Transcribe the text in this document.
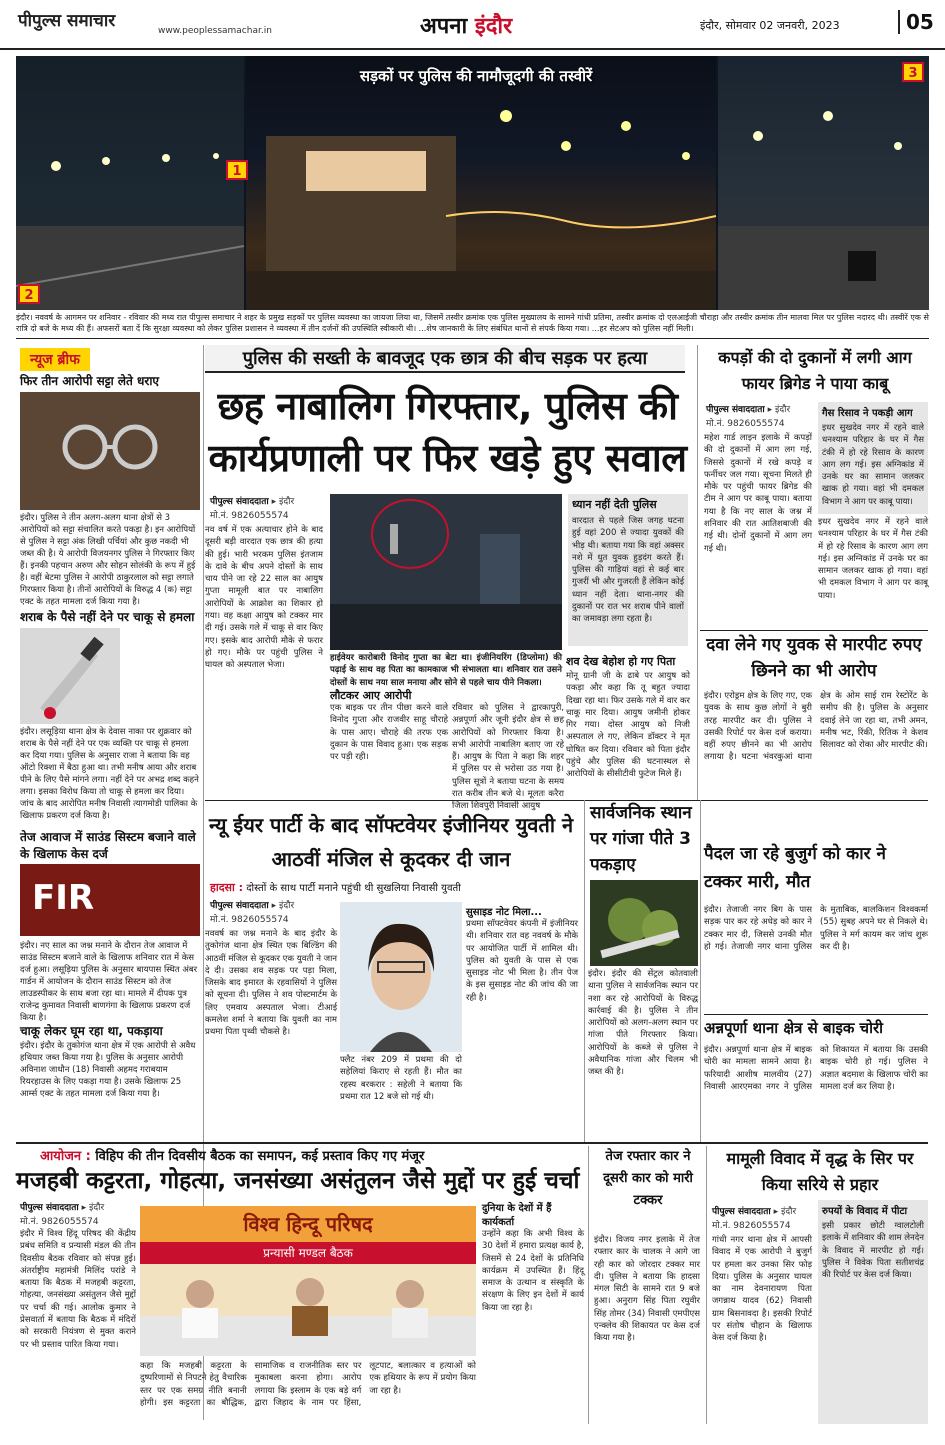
पीपुल्स समाचार	www.peoplessamachar.in	अपना इंदौर	इंदौर, सोमवार 02 जनवरी, 2023	05
सड़कों पर पुलिस की नामौजूदगी की तस्वीरें
1
2
3
इंदौर। नववर्ष के आगमन पर शनिवार - रविवार की मध्य रात पीपुल्स समाचार ने शहर के प्रमुख सड़कों पर पुलिस व्यवस्था का जायजा लिया था, जिसमें तस्वीर क्रमांक एक पुलिस मुख्यालय के सामने गांधी प्रतिमा, तस्वीर क्रमांक दो एलआईजी चौराहा और तस्वीर क्रमांक तीन मालवा मिल पर पुलिस नदारद थी। तस्वीरें एक से रात्रि दो बजे के मध्य की हैं। अफसरों बता दें कि सुरक्षा व्यवस्था को लेकर पुलिस प्रशासन ने व्यवस्था में तीन दर्जनों की उपस्थिति स्वीकारी थी। ...शेष जानकारी के लिए संबंधित थानों से संपर्क किया गया। ...हर सेटअप को पुलिस नहीं मिली।
न्यूज ब्रीफ
फिर तीन आरोपी सट्टा लेते धराए
इंदौर। पुलिस ने तीन अलग-अलग थाना क्षेत्रों से 3 आरोपियों को सट्टा संचालित करते पकड़ा है। इन आरोपियों से पुलिस ने सट्टा अंक लिखी पर्चियां और कुछ नकदी भी जब्त की है। ये आरोपी विजयनगर पुलिस ने गिरफ्तार किए हैं। इनकी पहचान अरुण और सोहन सोलंकी के रूप में हुई है। वहीं बेटमा पुलिस ने आरोपी ठाकुरलाल को सट्टा लगाते गिरफ्तार किया है। तीनों आरोपियों के विरुद्ध 4 (क) सट्टा एक्ट के तहत मामला दर्ज किया गया है।
शराब के पैसे नहीं देने पर चाकू से हमला
इंदौर। लसूड़िया थाना क्षेत्र के देवास नाका पर शुक्रवार को शराब के पैसे नहीं देने पर एक व्यक्ति पर चाकू से हमला कर दिया गया। पुलिस के अनुसार राजा ने बताया कि वह ऑटो रिक्शा में बैठा हुआ था। तभी मनीष आया और शराब पीने के लिए पैसे मांगने लगा। नहीं देने पर अभद्र शब्द कहने लगा। इसका विरोध किया तो चाकू से हमला कर दिया। जांच के बाद आरोपित मनीष निवासी त्यागमोडी पालिका के खिलाफ प्रकरण दर्ज किया है।
तेज आवाज में साउंड सिस्टम बजाने वाले के खिलाफ केस दर्ज
FIR
इंदौर। नए साल का जश्न मनाने के दौरान तेज आवाज में साउंड सिस्टम बजाने वाले के खिलाफ शनिवार रात में केस दर्ज हुआ। लसूड़िया पुलिस के अनुसार बायपास स्थित अंबर गार्डन में आयोजन के दौरान साउंड सिस्टम को तेज लाउडस्पीकर के साथ बजा रहा था। मामले में दीपक पुत्र राजेन्द्र कुमावत निवासी बाणगंगा के खिलाफ प्रकरण दर्ज किया है।
चाकू लेकर घूम रहा था, पकड़ाया
इंदौर। इंदौर के तुकोगंज थाना क्षेत्र में एक आरोपी से अवैध हथियार जब्त किया गया है। पुलिस के अनुसार आरोपी अविनाश जाधौन (18) निवासी अहमद गराबयाम रियरहाउस के लिए पकड़ा गया है। उसके खिलाफ 25 आर्म्स एक्ट के तहत मामला दर्ज किया गया है।
पुलिस की सख्ती के बावजूद एक छात्र की बीच सड़क पर हत्या
छह नाबालिग गिरफ्तार, पुलिस की कार्यप्रणाली पर फिर खड़े हुए सवाल
पीपुल्स संवाददाता ▸ इंदौर
मो.नं. 9826055574
नव वर्ष में एक अत्याचार होने के बाद दूसरी बड़ी वारदात एक छात्र की हत्या की हुई। भारी भरकम पुलिस इंतजाम के दावे के बीच अपने दोस्तों के साथ चाय पीने जा रहे 22 साल का आयुष गुप्ता मामूली बात पर नाबालिग आरोपियों के आक्रोश का शिकार हो गया। वह कक्षा आयुष को टक्कर मार दी गई। उसके गले में चाकू से वार किए गए। इसके बाद आरोपी मौके से फरार हो गए। मौके पर पहुंची पुलिस ने घायल को अस्पताल भेजा।
हाईवेयर कारोबारी विनोद गुप्ता का बेटा था। इंजीनियरिंग (डिप्लोमा) की पढ़ाई के साथ वह पिता का कामकाज भी संभालता था। शनिवार रात उसने दोस्तों के साथ नया साल मनाया और सोने से पहले चाय पीने निकला।
लौटकर आए आरोपी
एक बाइक पर तीन पीछा करने वाले विनोद गुप्ता और राजवीर साहू चौराहे के पास आए। चौराहे की तरफ एक दुकान के पास विवाद हुआ। एक सड़क पर पड़ी रही।
रविवार को पुलिस ने द्वारकापुरी, अन्नपूर्णा और जूनी इंदौर क्षेत्र से छह आरोपियों को गिरफ्तार किया है। सभी आरोपी नाबालिग बताए जा रहे हैं। आयुष के पिता ने कहा कि शहर में पुलिस पर से भरोसा उठ गया है। पुलिस सूत्रों ने बताया घटना के समय रात करीब तीन बजे थे। मूलतः करैरा जिला शिवपुरी निवासी आयुष
ध्यान नहीं देती पुलिस
वारदात से पहले जिस जगह घटना हुई वहां 200 से ज्यादा युवकों की भीड़ थी। बताया गया कि वहां अक्सर नशे में धुत युवक हुड़दंग करते हैं। पुलिस की गाड़ियां वहां से कई बार गुजरीं भी और गुजरती हैं लेकिन कोई ध्यान नहीं देता। थाना-नगर की दुकानों पर रात भर शराब पीने वालों का जमावड़ा लगा रहता है।
शव देख बेहोश हो गए पिता
मोनू ग्रानी जी के ढाबे पर आयुष को पकड़ा और कहा कि तू बहुत ज्यादा दिखा रहा था। फिर उसके गले में वार कर चाकू मार दिया। आयुष जमीनी होकर गिर गया। दोस्त आयुष को निजी अस्पताल ले गए, लेकिन डॉक्टर ने मृत घोषित कर दिया। रविवार को पिता इंदौर पहुंचे और पुलिस की घटनास्थल से आरोपियों के सीसीटीवी फुटेज मिले हैं।
कपड़ों की दो दुकानों में लगी आग फायर ब्रिगेड ने पाया काबू
पीपुल्स संवाददाता ▸ इंदौर
मो.नं. 9826055574
गैस रिसाव ने पकड़ी आग
इधर सुखदेव नगर में रहने वाले धनश्याम परिहार के घर में गैस टंकी में हो रहे रिसाव के कारण आग लग गई। इस अग्निकांड में उनके घर का सामान जलकर खाक हो गया। वहां भी दमकल विभाग ने आग पर काबू पाया।
महेश गार्ड लाइन इलाके में कपड़ों की दो दुकानों में आग लग गई, जिससे दुकानों में रखे कपड़े व फर्नीचर जल गया। सूचना मिलते ही मौके पर पहुंची फायर ब्रिगेड की टीम ने आग पर काबू पाया। बताया गया है कि नए साल के जश्न में शनिवार की रात आतिशबाजी की गई थी। दोनों दुकानों में आग लग गई थी।
इधर सुखदेव नगर में रहने वाले धनश्याम परिहार के घर में गैस टंकी में हो रहे रिसाव के कारण आग लग गई। इस अग्निकांड में उनके घर का सामान जलकर खाक हो गया। वहां भी दमकल विभाग ने आग पर काबू पाया।
दवा लेने गए युवक से मारपीट रुपए छिनने का भी आरोप
इंदौर। एरोड्रम क्षेत्र के लिए गए, एक युवक के साथ कुछ लोगों ने बुरी तरह मारपीट कर दी। पुलिस ने उसकी रिपोर्ट पर केस दर्ज कराया। वहीं रुपए छीनने का भी आरोप लगाया है। घटना भंवरकुआं थाना क्षेत्र के ओम साई राम रेस्टोरेंट के समीप की है। पुलिस के अनुसार दवाई लेने जा रहा था, तभी अमन, मनीष भट, रिंकी, रितिक ने केशव सिलावट को रोका और मारपीट की।
न्यू ईयर पार्टी के बाद सॉफ्टवेयर इंजीनियर युवती ने आठवीं मंजिल से कूदकर दी जान
हादसा : दोस्तों के साथ पार्टी मनाने पहुंची थी सुखलिया निवासी युवती
पीपुल्स संवाददाता ▸ इंदौर
मो.नं. 9826055574
नववर्ष का जश्न मनाने के बाद इंदौर के तुकोगंज थाना क्षेत्र स्थित एक बिल्डिंग की आठवीं मंजिल से कूदकर एक युवती ने जान दे दी। उसका शव सड़क पर पड़ा मिला, जिसके बाद इमारत के रहवासियों ने पुलिस को सूचना दी। पुलिस ने शव पोस्टमार्टम के लिए एमवाय अस्पताल भेजा। टीआई कमलेश शर्मा ने बताया कि युवती का नाम प्रथमा पिता पृथ्वी चौकसे है।
फ्लैट नंबर 209 में प्रथमा की दो सहेलियां किराए से रहती हैं। मौत का रहस्य बरकरार : सहेली ने बताया कि प्रथमा रात 12 बजे सो गई थी।
सुसाइड नोट मिला...
प्रथमा सॉफ्टवेयर कंपनी में इंजीनियर थी। शनिवार रात वह नववर्ष के मौके पर आयोजित पार्टी में शामिल थी। पुलिस को युवती के पास से एक सुसाइड नोट भी मिला है। तीन पेज के इस सुसाइड नोट की जांच की जा रही है।
सार्वजनिक स्थान पर गांजा पीते 3 पकड़ाए
इंदौर। इंदौर की सेंट्रल कोतवाली थाना पुलिस ने सार्वजनिक स्थान पर नशा कर रहे आरोपियों के विरुद्ध कार्रवाई की है। पुलिस ने तीन आरोपियों को अलग-अलग स्थान पर गांजा पीते गिरफ्तार किया। आरोपियों के कब्जे से पुलिस ने अवैधानिक गांजा और चिलम भी जब्त की है।
पैदल जा रहे बुजुर्ग को कार ने टक्कर मारी, मौत
इंदौर। तेजाजी नगर बिग के पास सड़क पार कर रहे अधेड़ को कार ने टक्कर मार दी, जिससे उनकी मौत हो गई। तेजाजी नगर थाना पुलिस के मुताबिक, बालकिशन विश्वकर्मा (55) सुबह अपने घर से निकले थे। पुलिस ने मर्ग कायम कर जांच शुरू कर दी है।
अन्नपूर्णा थाना क्षेत्र से बाइक चोरी
इंदौर। अन्नपूर्णा थाना क्षेत्र में बाइक चोरी का मामला सामने आया है। फरियादी आशीष मालवीय (27) निवासी आरएमका नगर ने पुलिस को शिकायत में बताया कि उसकी बाइक चोरी हो गई। पुलिस ने अज्ञात बदमाश के खिलाफ चोरी का मामला दर्ज कर लिया है।
आयोजन : विहिप की तीन दिवसीय बैठक का समापन, कई प्रस्ताव किए गए मंजूर
मजहबी कट्टरता, गोहत्या, जनसंख्या असंतुलन जैसे मुद्दों पर हुई चर्चा
पीपुल्स संवाददाता ▸ इंदौर
मो.नं. 9826055574
इंदौर में विश्व हिंदू परिषद की केंद्रीय प्रबंध समिति व प्रन्यासी मंडल की तीन दिवसीय बैठक रविवार को संपन्न हुई। अंतर्राष्ट्रीय महामंत्री मिलिंद परांडे ने बताया कि बैठक में मजहबी कट्टरता, गोहत्या, जनसंख्या असंतुलन जैसे मुद्दों पर चर्चा की गई। आलोक कुमार ने प्रेसवार्ता में बताया कि बैठक में मंदिरों को सरकारी नियंत्रण से मुक्त कराने पर भी प्रस्ताव पारित किया गया।
विश्व हिन्दू परिषद
प्रन्यासी मण्डल बैठक
कहा कि मजहबी कट्टरता के दुष्परिणामों से निपटने हेतु वैचारिक स्तर पर एक समग्र नीति बनानी होगी। इस कट्टरता का बौद्धिक, सामाजिक व राजनीतिक स्तर पर मुकाबला करना होगा। आरोप लगाया कि इस्लाम के एक बड़े वर्ग द्वारा जिहाद के नाम पर हिंसा, लूटपाट, बलात्कार व हत्याओं को एक हथियार के रूप में प्रयोग किया जा रहा है।
दुनिया के देशों में हैं कार्यकर्ता
उन्होंने कहा कि अभी विश्व के 30 देशों में हमारा प्रत्यक्ष कार्य है, जिसमें से 24 देशों के प्रतिनिधि कार्यक्रम में उपस्थित हैं। हिंदू समाज के उत्थान व संस्कृति के संरक्षण के लिए इन देशों में कार्य किया जा रहा है।
तेज रफ्तार कार ने दूसरी कार को मारी टक्कर
इंदौर। विजय नगर इलाके में तेज रफ्तार कार के चालक ने आगे जा रही कार को जोरदार टक्कर मार दी। पुलिस ने बताया कि हादसा मंगल सिटी के सामने रात 9 बजे हुआ। अनुराग सिंह पिता रघुवीर सिंह तोमर (34) निवासी एमपीएस एन्क्लेव की शिकायत पर केस दर्ज किया गया है।
मामूली विवाद में वृद्ध के सिर पर किया सरिये से प्रहार
पीपुल्स संवाददाता ▸ इंदौर
मो.नं. 9826055574
गांधी नगर थाना क्षेत्र में आपसी विवाद में एक आरोपी ने बुजुर्ग पर हमला कर उनका सिर फोड़ दिया। पुलिस के अनुसार घायल का नाम देवनारायण पिता जगन्नाथ यादव (62) निवासी ग्राम बिसनावदा है। इसकी रिपोर्ट पर संतोष चौहान के खिलाफ केस दर्ज किया है।
रुपयों के विवाद में पीटा
इसी प्रकार छोटी ग्वालटोली इलाके में शनिवार की शाम लेनदेन के विवाद में मारपीट हो गई। पुलिस ने विवेक पिता सतीशचंद्र की रिपोर्ट पर केस दर्ज किया।
